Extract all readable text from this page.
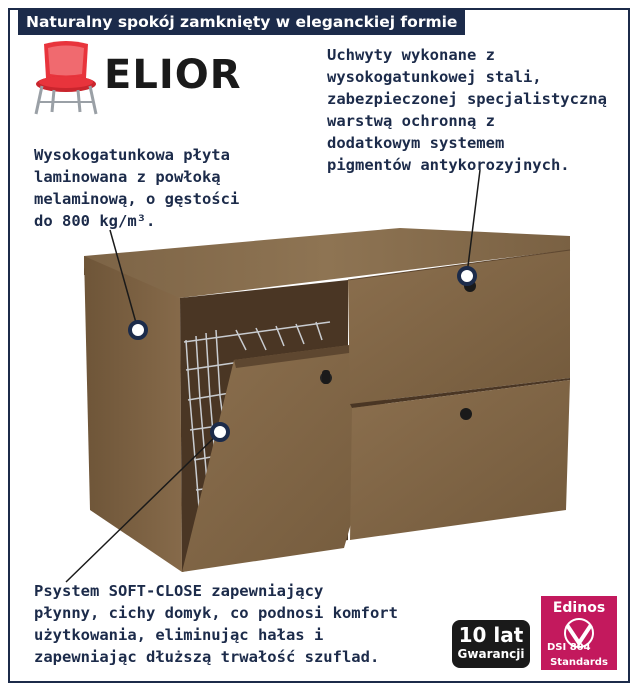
Naturalny spokój zamknięty w eleganckiej formie
ELIOR	Uchwyty wykonane z
wysokogatunkowej stali,
zabezpieczonej specjalistyczną
warstwą ochronną z
dodatkowym systemem
pigmentów antykorozyjnych.
Wysokogatunkowa płyta
laminowana z powłoką
melaminową, o gęstości
do 800 kg/m³.
Psystem SOFT-CLOSE zapewniający
płynny, cichy domyk, co podnosi komfort
użytkowania, eliminując hałas i
zapewniając dłuższą trwałość szuflad.
10 lat
Gwarancji
Edinos
DSI 804
Standards
